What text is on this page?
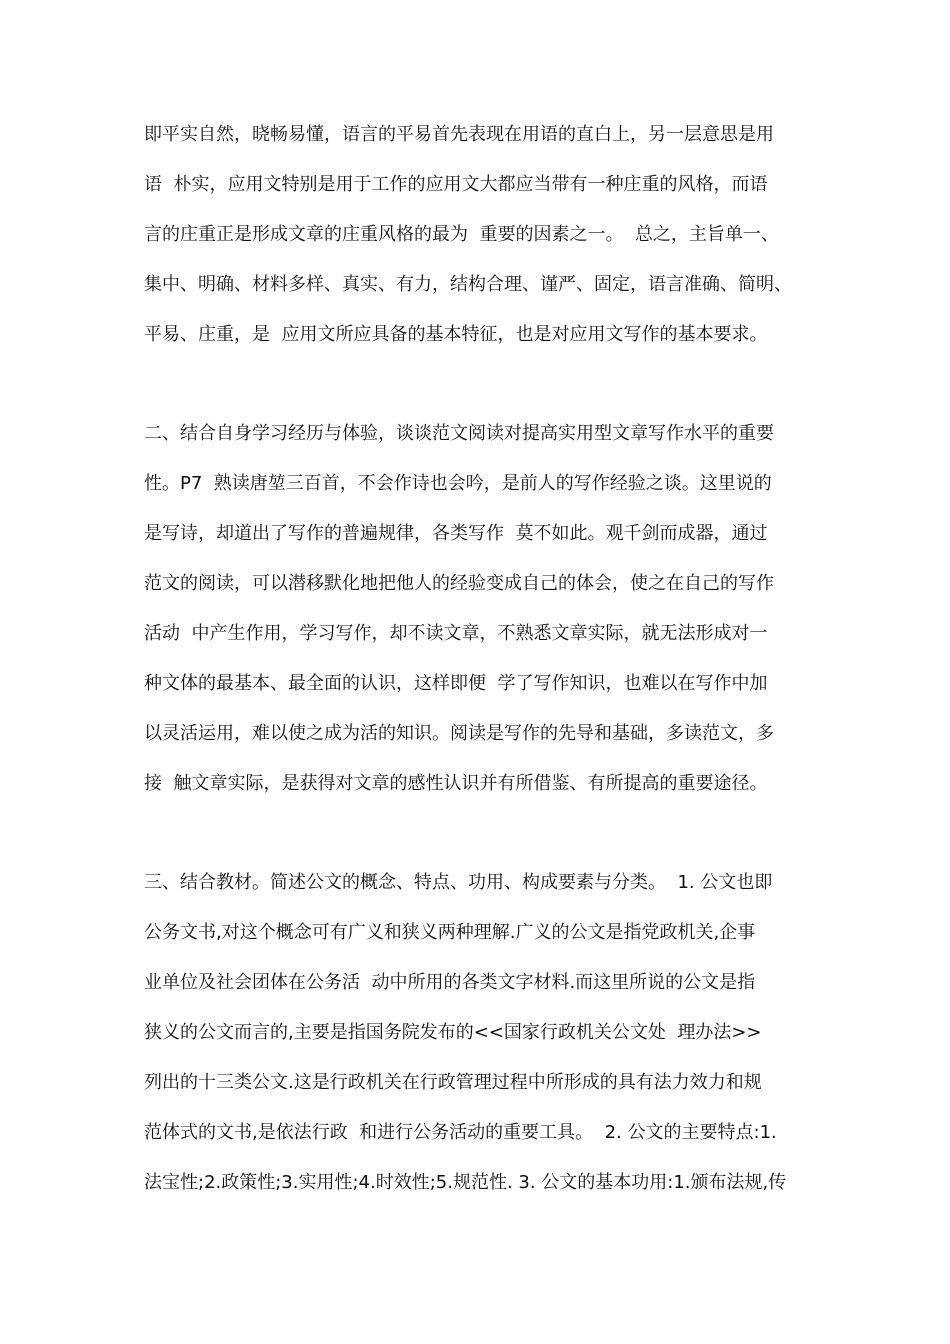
即平实自然，晓畅易懂，语言的平易首先表现在用语的直白上，另一层意思是用
语  朴实，应用文特别是用于工作的应用文大都应当带有一种庄重的风格，而语
言的庄重正是形成文章的庄重风格的最为  重要的因素之一。  总之，主旨单一、
集中、明确、材料多样、真实、有力，结构合理、谨严、固定，语言准确、简明、
平易、庄重，是  应用文所应具备的基本特征，也是对应用文写作的基本要求。
二、结合自身学习经历与体验，谈谈范文阅读对提高实用型文章写作水平的重要
性。P7  熟读唐堃三百首，不会作诗也会吟，是前人的写作经验之谈。这里说的
是写诗，却道出了写作的普遍规律，各类写作  莫不如此。观千剑而成器，通过
范文的阅读，可以潜移默化地把他人的经验变成自己的体会，使之在自己的写作
活动  中产生作用，学习写作，却不读文章，不熟悉文章实际，就无法形成对一
种文体的最基本、最全面的认识，这样即便  学了写作知识，也难以在写作中加
以灵活运用，难以使之成为活的知识。阅读是写作的先导和基础，多读范文，多
接  触文章实际，是获得对文章的感性认识并有所借鉴、有所提高的重要途径。
三、结合教材。简述公文的概念、特点、功用、构成要素与分类。  1. 公文也即
公务文书,对这个概念可有广义和狭义两种理解.广义的公文是指党政机关,企事
业单位及社会团体在公务活  动中所用的各类文字材料.而这里所说的公文是指
狭义的公文而言的,主要是指国务院发布的<<国家行政机关公文处  理办法>>
列出的十三类公文.这是行政机关在行政管理过程中所形成的具有法力效力和规
范体式的文书,是依法行政  和进行公务活动的重要工具。  2. 公文的主要特点:1.
法宝性;2.政策性;3.实用性;4.时效性;5.规范性. 3. 公文的基本功用:1.颁布法规,传
